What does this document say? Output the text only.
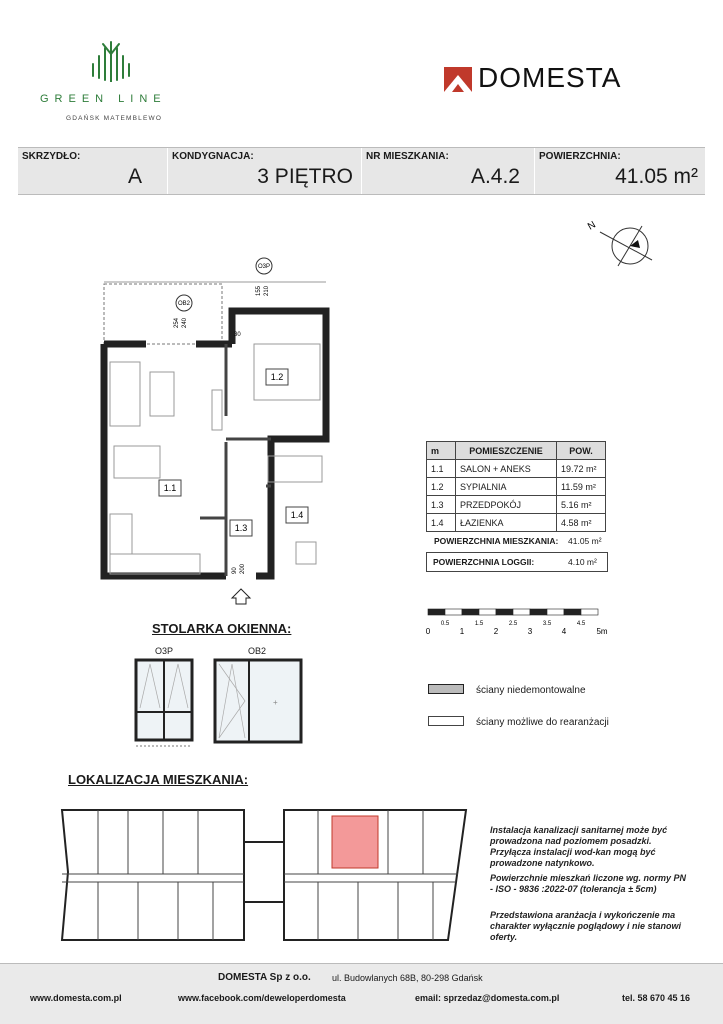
GREEN LINE
GDAŃSK MATEMBLEWO
DOMESTA
SKRZYDŁO:
A
KONDYGNACJA:
3 PIĘTRO
NR MIESZKANIA:
A.4.2
POWIERZCHNIA:
41.05 m²
N
1.1
1.2
1.3
1.4
OB2
O3P
254 240
155 210
30
90 200
m	POMIESZCZENIE	POW.
1.1	SALON + ANEKS	19.72 m²
1.2	SYPIALNIA	11.59 m²
1.3	PRZEDPOKÓJ	5.16 m²
1.4	ŁAZIENKA	4.58 m²
POWIERZCHNIA MIESZKANIA: 41.05 m²
POWIERZCHNIA LOGGII:	4.10 m²
0
0.5
1
1.5
2
2.5
3
3.5
4
4.5
5m
STOLARKA OKIENNA:
O3P	OB2
+
ściany niedemontowalne
ściany możliwe do rearanżacji
LOKALIZACJA MIESZKANIA:
Instalacja kanalizacji sanitarnej może być prowadzona nad poziomem posadzki. Przyłącza instalacji wod-kan mogą być prowadzone natynkowo.
Powierzchnie mieszkań liczone wg. normy PN - ISO - 9836 :2022-07 (tolerancja ± 5cm)
Przedstawiona aranżacja i wykończenie ma charakter wyłącznie poglądowy i nie stanowi oferty.
DOMESTA Sp z o.o. ul. Budowlanych 68B, 80-298 Gdańsk
www.domesta.com.pl	www.facebook.com/deweloperdomesta	email: sprzedaz@domesta.com.pl	tel. 58 670 45 16
